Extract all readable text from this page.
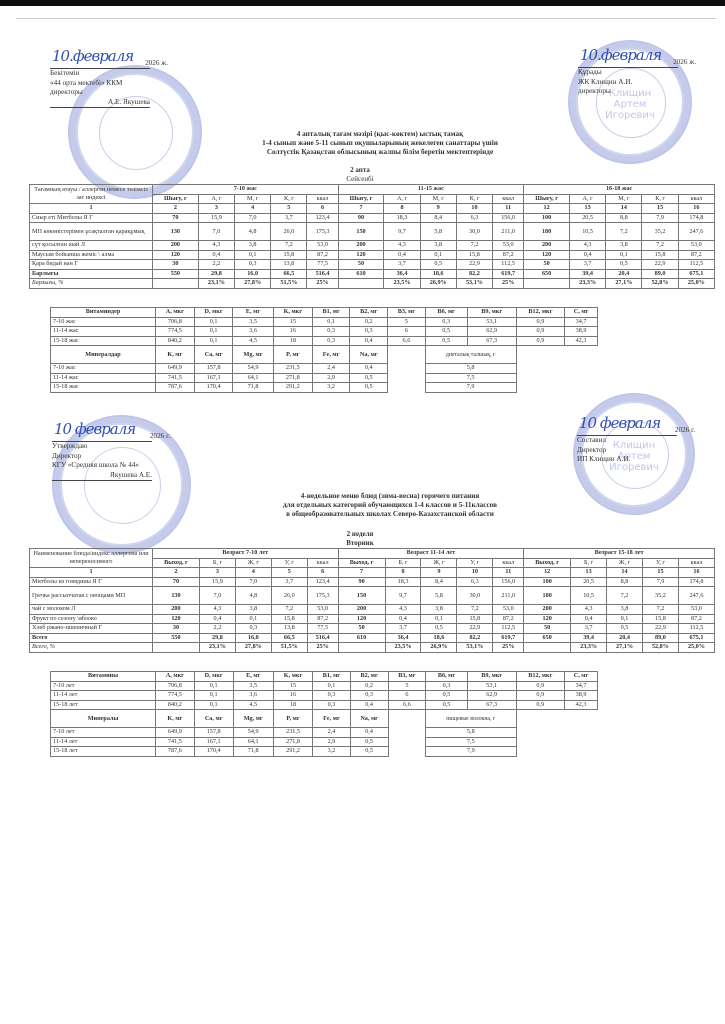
Клищин
Артем
Игоревич
10.февраля 2026 ж.
Бекітемін
«44 орта мектебі» ККМ
директоры
А.Е. Якушева
10.февраля 2026 ж.
Құрады
ЖК Клищин А.И.
директоры
4 апталық тағам мәзірі (қыс-көктем) ыстық тамақ
1-4 сынып және 5-11 сынып оқушыларының жекелеген санаттары үшін
Солтүстік Қазақстан облысының жалпы білім беретін мектептерінде
2 апта
Сейсенбі
Тағамның атауы / аллерген немесе төзімсіз зат индексі	7-10 жас					11-15 жас					16-18 жас				
	Шығу, г	А, г	М, г	К, г	ккал	Шығу, г	А, г	М, г	К, г	ккал	Шығу, г	А, г	М, г	К, г	ккал
1	2	3	4	5	6	7	8	9	10	11	12	13	14	15	16
Сиыр еті Митболы Я Г	70	15,9	7,0	3,7	123,4	90	18,3	8,4	6,3	156,0	100	20,5	8,8	7,9	174,8
МП көкөністерімен ұсақталған қарақұмық	130	7,0	4,8	26,0	175,3	150	9,7	5,8	30,0	211,0	180	10,5	7,2	35,2	247,6
сүт қосылған шай Л	200	4,3	3,8	7,2	53,0	200	4,3	3,8	7,2	53,0	200	4,3	3,8	7,2	53,0
Маусым бойынша жеміс \ алма	120	0,4	0,1	15,8	87,2	120	0,4	0,1	15,8	87,2	120	0,4	0,1	15,8	87,2
Қара бидай нан Г	30	2,2	0,3	13,8	77,5	50	3,7	0,5	22,9	112,5	50	3,7	0,5	22,9	112,5
Барлығы	550	29,8	16,0	66,5	516,4	610	36,4	18,6	82,2	619,7	650	39,4	20,4	89,0	675,1
Барлығы, %		23,1%	27,8%	51,5%	25%		23,5%	26,9%	53,1%	25%		23,3%	27,1%	52,8%	25,0%
Витаминдер	A, мкг	D, мкг	E, мг	K, мкг	B1, мг	B2, мг	B3, мг	B6, мг	B9, мкг	B12, мкг	C, мг
7-10 жас	706,8	0,1	3,5	15	0,1	0,2	5	0,3	53,1	0,9	34,7
11-14 жас	774,5	0,1	3,6	16	0,3	0,3	6	0,5	62,9	0,9	38,9
15-18 жас	840,2	0,1	4,5	18	0,3	0,4	6,6	0,5	67,3	0,9	42,3
Минералдар	K, мг	Ca, мг	Mg, мг	P, мг	Fe, мг	Na, мг		диеталық талшық, г			
7-10 жас	649,9	157,8	54,9	231,5	2,4	0,4		5,8			
11-14 жас	741,5	167,1	64,1	271,8	2,9	0,5		7,5			
15-18 жас	787,6	170,4	71,8	291,2	3,2	0,5		7,9			
Клищин
Артем
Игоревич
10 февраля 2026 г.
Утверждаю
Директор
КГУ «Средняя школа № 44»
Якушева А.Е.
10 февраля 2026 г.
Составил
Директор
ИП Клищин А.И.
4-недельное меню блюд (зима-весна) горячего питания
для отдельных категорий обучающихся 1-4 классов и 5-11классов
в общеобразовательных школах Северо-Казахстанской области
2 неделя
Вторник
Наименование блюда/индекс аллергена или непереносимого	Возраст 7-10 лет					Возраст 11-14 лет					Возраст 15-18 лет				
	Выход, г	Б, г	Ж, г	У, г	ккал	Выход, г	Б, г	Ж, г	У, г	ккал	Выход, г	Б, г	Ж, г	У, г	ккал
1	2	3	4	5	6	7	8	9	10	11	12	13	14	15	16
Митболы из говядины Я Г	70	15,9	7,0	3,7	123,4	90	18,3	8,4	6,3	156,0	100	20,5	8,8	7,9	174,8
Гречка рассыпчатая с овощами МП	130	7,0	4,8	26,0	175,3	150	9,7	5,8	30,0	211,0	180	10,5	7,2	35,2	247,6
чай с молоком Л	200	4,3	3,8	7,2	53,0	200	4,3	3,8	7,2	53,0	200	4,3	3,8	7,2	53,0
Фрукт по сезону \яблоко	120	0,4	0,1	15,8	87,2	120	0,4	0,1	15,8	87,2	120	0,4	0,1	15,8	87,2
Хлеб ржано-пшеничный Г	30	2,2	0,3	13,8	77,5	50	3,7	0,5	22,9	112,5	50	3,7	0,5	22,9	112,5
Всего	550	29,8	16,0	66,5	516,4	610	36,4	18,6	82,2	619,7	650	39,4	20,4	89,0	675,1
Всего, %		23,1%	27,8%	51,5%	25%		23,5%	26,9%	53,1%	25%		23,3%	27,1%	52,8%	25,0%
Витамины	A, мкг	D, мкг	E, мг	K, мкг	B1, мг	B2, мг	B3, мг	B6, мг	B9, мкг	B12, мкг	C, мг
7-10 лет	706,8	0,1	3,5	15	0,1	0,2	5	0,3	53,1	0,9	34,7
11-14 лет	774,5	0,1	3,6	16	0,3	0,3	6	0,5	62,9	0,9	38,9
15-18 лет	840,2	0,1	4,5	18	0,3	0,4	6,6	0,5	67,3	0,9	42,3
Минералы	K, мг	Ca, мг	Mg, мг	P, мг	Fe, мг	Na, мг		пищевые волокна, г			
7-10 лет	649,9	157,8	54,9	231,5	2,4	0,4		5,8			
11-14 лет	741,5	167,1	64,1	271,8	2,9	0,5		7,5			
15-18 лет	787,6	170,4	71,8	291,2	3,2	0,5		7,9			
